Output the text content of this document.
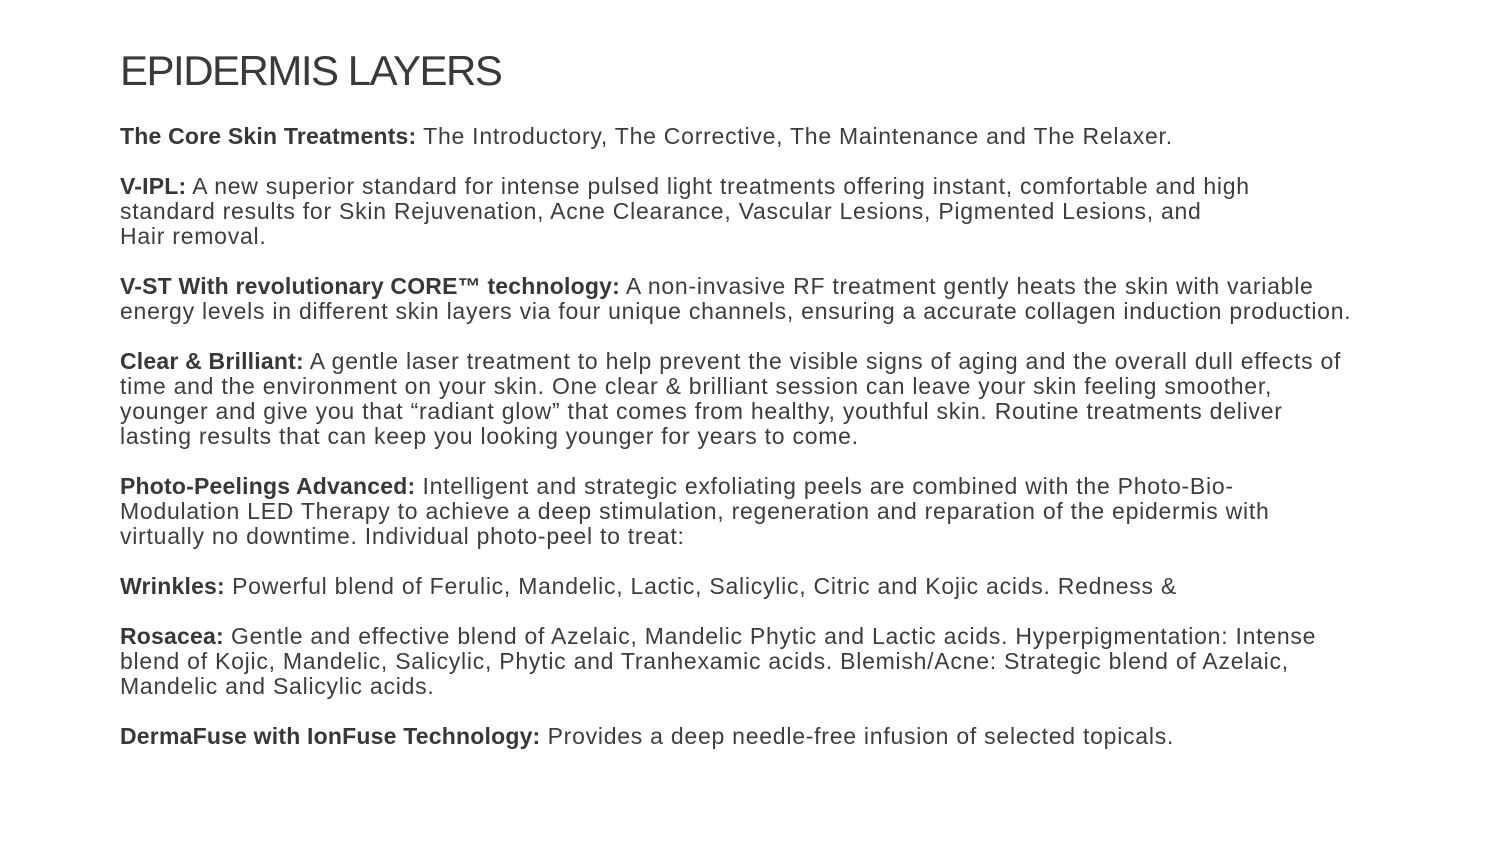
EPIDERMIS LAYERS

The Core Skin Treatments: The Introductory, The Corrective, The Maintenance and The Relaxer.

V-IPL: A new superior standard for intense pulsed light treatments offering instant, comfortable and high
standard results for Skin Rejuvenation, Acne Clearance, Vascular Lesions, Pigmented Lesions, and
Hair removal.

V-ST With revolutionary CORE™ technology: A non-invasive RF treatment gently heats the skin with variable
energy levels in different skin layers via four unique channels, ensuring a accurate collagen induction production.

Clear & Brilliant: A gentle laser treatment to help prevent the visible signs of aging and the overall dull effects of
time and the environment on your skin. One clear & brilliant session can leave your skin feeling smoother,
younger and give you that “radiant glow” that comes from healthy, youthful skin. Routine treatments deliver
lasting results that can keep you looking younger for years to come.

Photo-Peelings Advanced: Intelligent and strategic exfoliating peels are combined with the Photo-Bio-
Modulation LED Therapy to achieve a deep stimulation, regeneration and reparation of the epidermis with
virtually no downtime. Individual photo-peel to treat:

Wrinkles: Powerful blend of Ferulic, Mandelic, Lactic, Salicylic, Citric and Kojic acids. Redness &

Rosacea: Gentle and effective blend of Azelaic, Mandelic Phytic and Lactic acids. Hyperpigmentation: Intense
blend of Kojic, Mandelic, Salicylic, Phytic and Tranhexamic acids. Blemish/Acne: Strategic blend of Azelaic,
Mandelic and Salicylic acids.

DermaFuse with IonFuse Technology: Provides a deep needle-free infusion of selected topicals.
